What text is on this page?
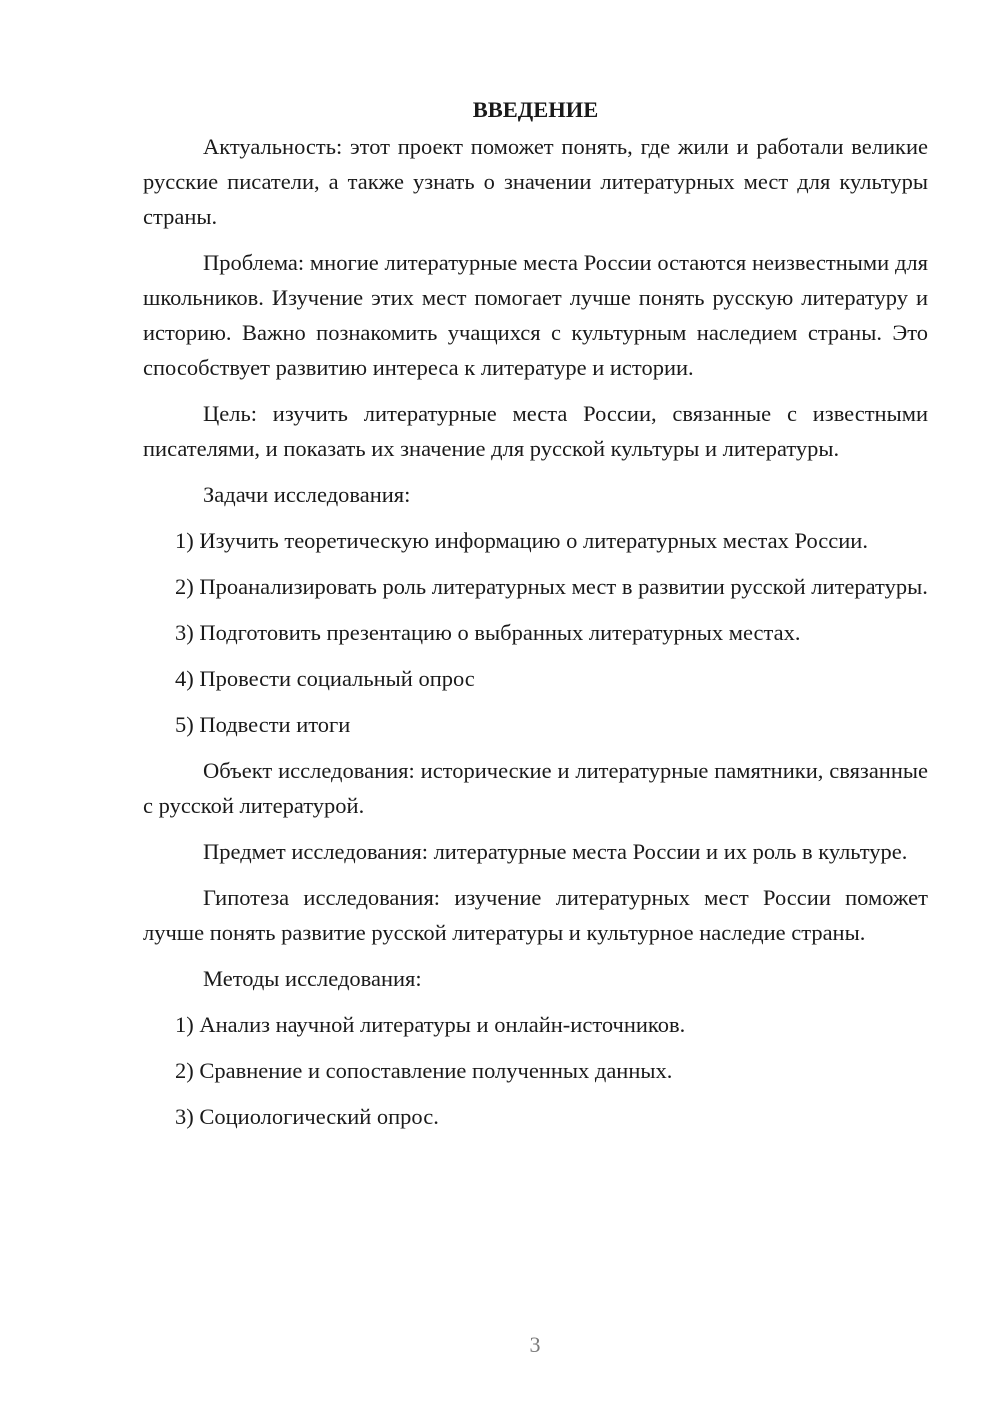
ВВЕДЕНИЕ

Актуальность: этот проект поможет понять, где жили и работали великие русские писатели, а также узнать о значении литературных мест для культуры страны.

Проблема: многие литературные места России остаются неизвестными для школьников. Изучение этих мест помогает лучше понять русскую литературу и историю. Важно познакомить учащихся с культурным наследием страны. Это способствует развитию интереса к литературе и истории.

Цель: изучить литературные места России, связанные с известными писателями, и показать их значение для русской культуры и литературы.

Задачи исследования:

1) Изучить теоретическую информацию о литературных местах России.

2) Проанализировать роль литературных мест в развитии русской литературы.

3) Подготовить презентацию о выбранных литературных местах.

4) Провести социальный опрос

5) Подвести итоги

Объект исследования: исторические и литературные памятники, связанные с русской литературой.

Предмет исследования: литературные места России и их роль в культуре.

Гипотеза исследования: изучение литературных мест России поможет лучше понять развитие русской литературы и культурное наследие страны.

Методы исследования:

1) Анализ научной литературы и онлайн-источников.

2) Сравнение и сопоставление полученных данных.

3) Социологический опрос.

3
